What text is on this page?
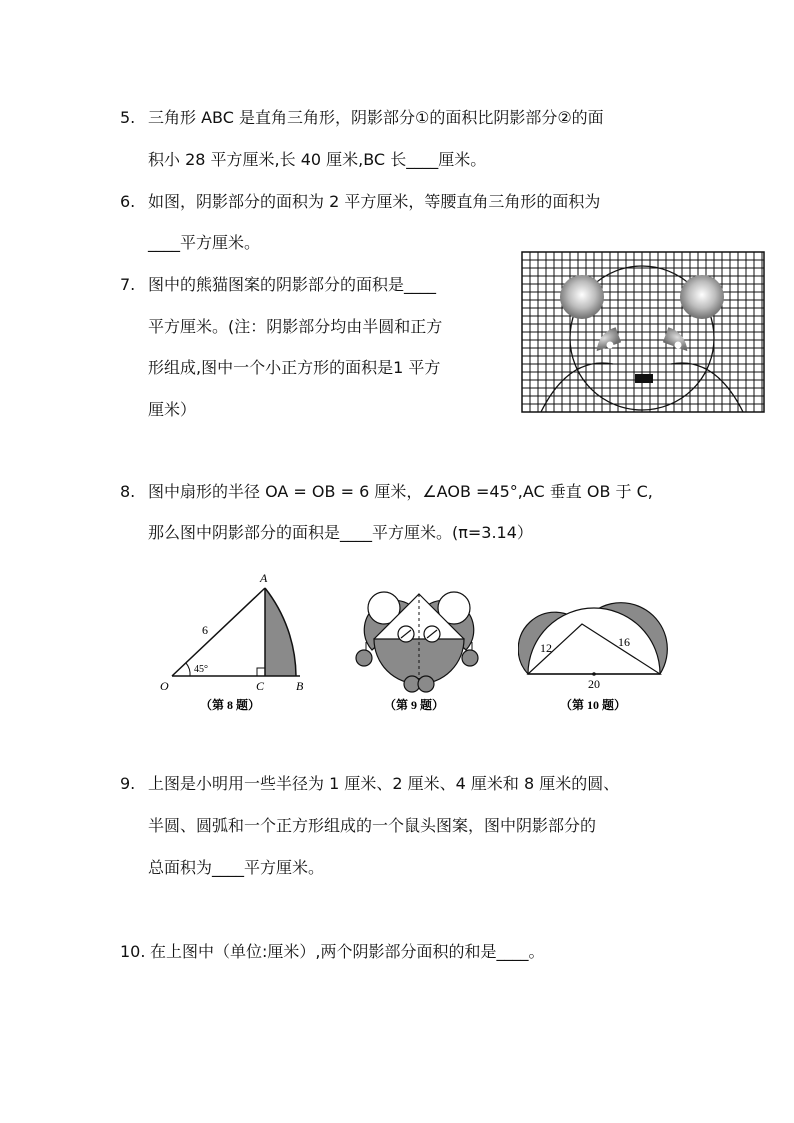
5. 三角形 ABC 是直角三角形，阴影部分①的面积比阴影部分②的面
积小 28 平方厘米,长 40 厘米,BC 长____厘米。
6. 如图，阴影部分的面积为 2 平方厘米，等腰直角三角形的面积为
____平方厘米。
7. 图中的熊猫图案的阴影部分的面积是____
平方厘米。(注：阴影部分均由半圆和正方
形组成,图中一个小正方形的面积是1 平方
厘米）
8. 图中扇形的半径 OA = OB = 6 厘米，∠AOB =45°,AC 垂直 OB 于 C,
那么图中阴影部分的面积是____平方厘米。(π=3.14）
A
O	C	B
6
45°
（第 8 题）	（第 9 题）
12	16
20
（第 10 题）
9. 上图是小明用一些半径为 1 厘米、2 厘米、4 厘米和 8 厘米的圆、
半圆、圆弧和一个正方形组成的一个鼠头图案，图中阴影部分的
总面积为____平方厘米。
10. 在上图中（单位:厘米）,两个阴影部分面积的和是____。
